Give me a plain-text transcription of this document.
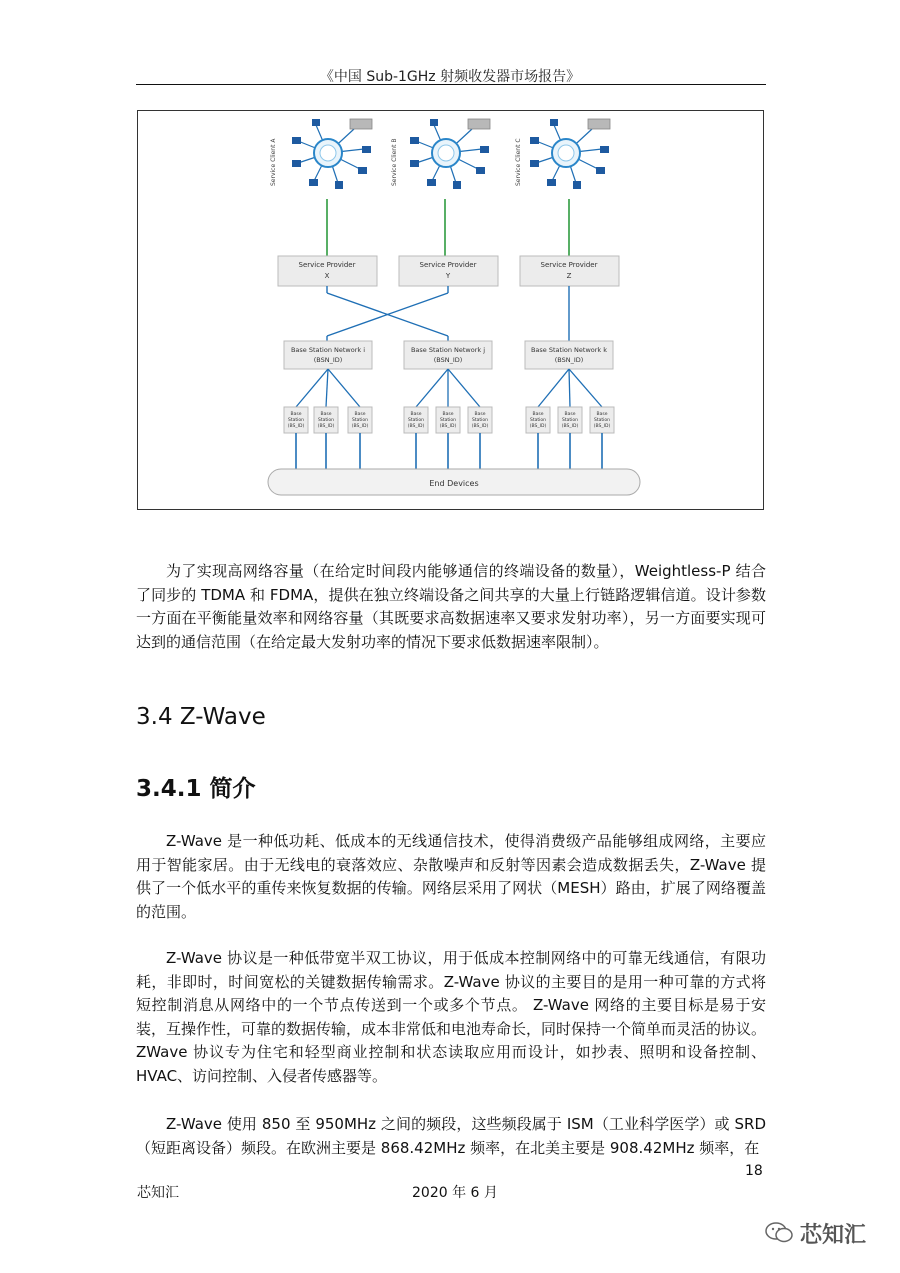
《中国 Sub-1GHz 射频收发器市场报告》
Service Client A	Service Client B	Service Client C
Service Provider
X
Service Provider
Y
Service Provider
Z
Base Station Network i
(BSN_ID)
Base Station Network j
(BSN_ID)
Base Station Network k
(BSN_ID)
Base
Station
(BS_ID)
Base
Station
(BS_ID)
Base
Station
(BS_ID)
Base
Station
(BS_ID)
Base
Station
(BS_ID)
Base
Station
(BS_ID)
Base
Station
(BS_ID)
Base
Station
(BS_ID)
Base
Station
(BS_ID)
End Devices

为了实现高网络容量（在给定时间段内能够通信的终端设备的数量），Weightless-P 结合了同步的 TDMA 和 FDMA，提供在独立终端设备之间共享的大量上行链路逻辑信道。设计参数一方面在平衡能量效率和网络容量（其既要求高数据速率又要求发射功率），另一方面要实现可达到的通信范围（在给定最大发射功率的情况下要求低数据速率限制）。

3.4 Z-Wave
3.4.1 简介

Z-Wave 是一种低功耗、低成本的无线通信技术，使得消费级产品能够组成网络，主要应用于智能家居。由于无线电的衰落效应、杂散噪声和反射等因素会造成数据丢失，Z-Wave 提供了一个低水平的重传来恢复数据的传输。网络层采用了网状（MESH）路由，扩展了网络覆盖的范围。

Z-Wave 协议是一种低带宽半双工协议，用于低成本控制网络中的可靠无线通信，有限功耗，非即时，时间宽松的关键数据传输需求。Z-Wave 协议的主要目的是用一种可靠的方式将短控制消息从网络中的一个节点传送到一个或多个节点。 Z-Wave 网络的主要目标是易于安装，互操作性，可靠的数据传输，成本非常低和电池寿命长，同时保持一个简单而灵活的协议。ZWave 协议专为住宅和轻型商业控制和状态读取应用而设计，如抄表、照明和设备控制、HVAC、访问控制、入侵者传感器等。

Z-Wave 使用 850 至 950MHz 之间的频段，这些频段属于 ISM（工业科学医学）或 SRD（短距离设备）频段。在欧洲主要是 868.42MHz 频率，在北美主要是 908.42MHz 频率，在

18
芯知汇	2020 年 6 月
芯知汇
